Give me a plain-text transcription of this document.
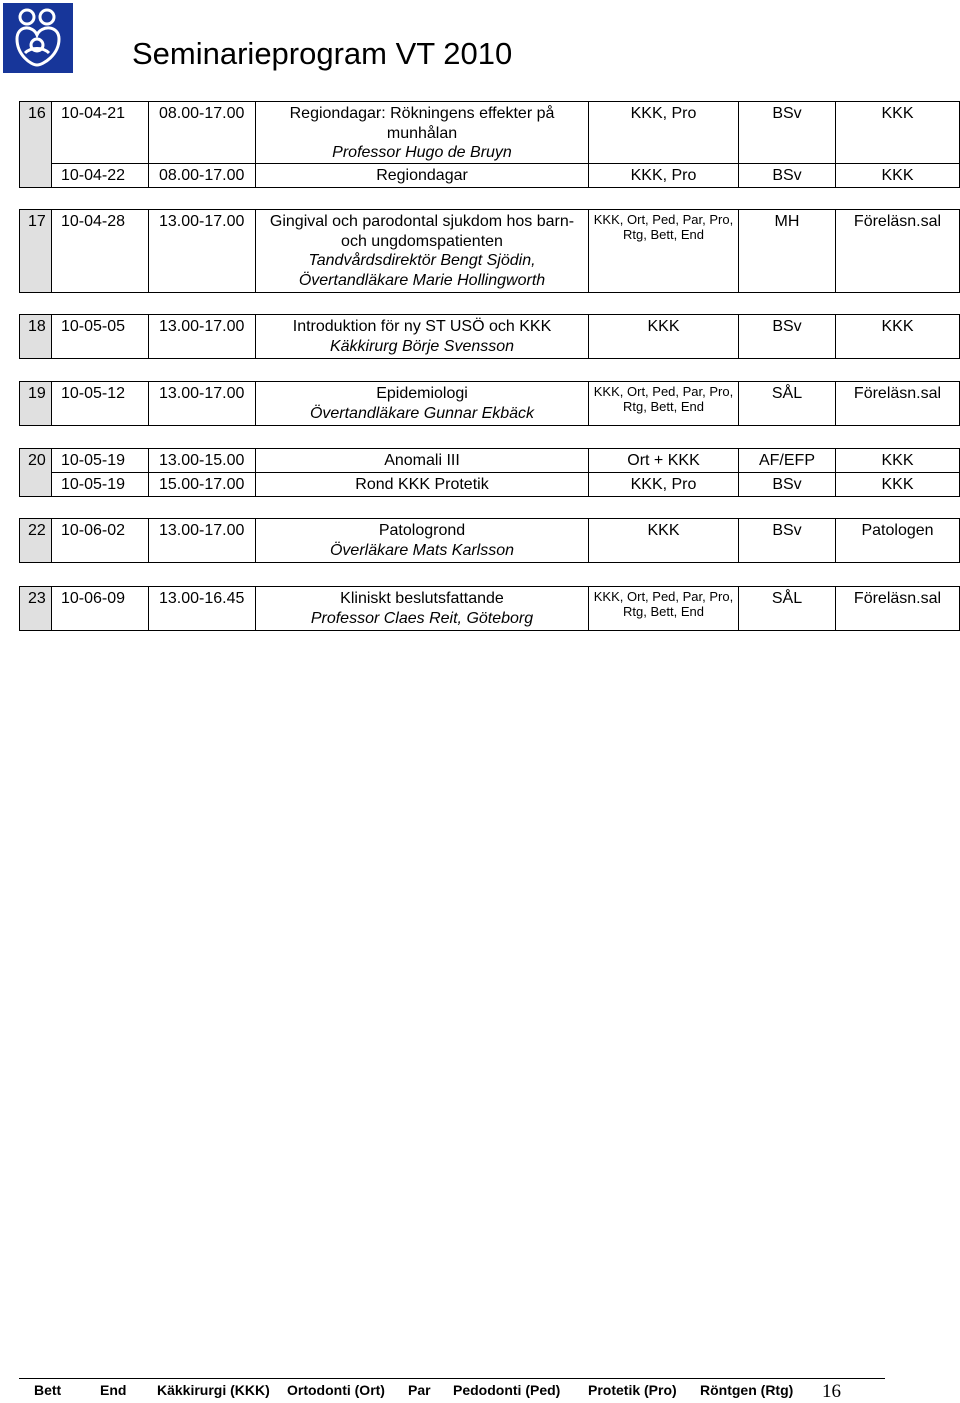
Seminarieprogram VT 2010
16	10-04-21	08.00-17.00	Regiondagar: Rökningens effekter på
munhålan
Professor Hugo de Bruyn	KKK, Pro	BSv	KKK
	10-04-22	08.00-17.00	Regiondagar	KKK, Pro	BSv	KKK
17	10-04-28	13.00-17.00	Gingival och parodontal sjukdom hos barn-
och ungdomspatienten
Tandvårdsdirektör Bengt Sjödin,
Övertandläkare Marie Hollingworth
	KKK, Ort, Ped, Par, Pro, Rtg, Bett, End	MH	Föreläsn.sal
18	10-05-05	13.00-17.00	Introduktion för ny ST USÖ och KKK
Käkkirurg Börje Svensson
	KKK	BSv	KKK
19	10-05-12	13.00-17.00	Epidemiologi
Övertandläkare Gunnar Ekbäck
	KKK, Ort, Ped, Par, Pro, Rtg, Bett, End	SÅL	Föreläsn.sal
20	10-05-19	13.00-15.00	Anomali III	Ort + KKK	AF/EFP	KKK
	10-05-19	15.00-17.00	Rond KKK Protetik	KKK, Pro	BSv	KKK
22	10-06-02	13.00-17.00	Patologrond
Överläkare Mats Karlsson
	KKK	BSv	Patologen
23	10-06-09	13.00-16.45	Kliniskt beslutsfattande
Professor Claes Reit, Göteborg
	KKK, Ort, Ped, Par, Pro, Rtg, Bett, End	SÅL	Föreläsn.sal
Bett	End Käkkirurgi (KKK) Ortodonti (Ort) Par Pedodonti (Ped) Protetik (Pro) Röntgen (Rtg) 16
